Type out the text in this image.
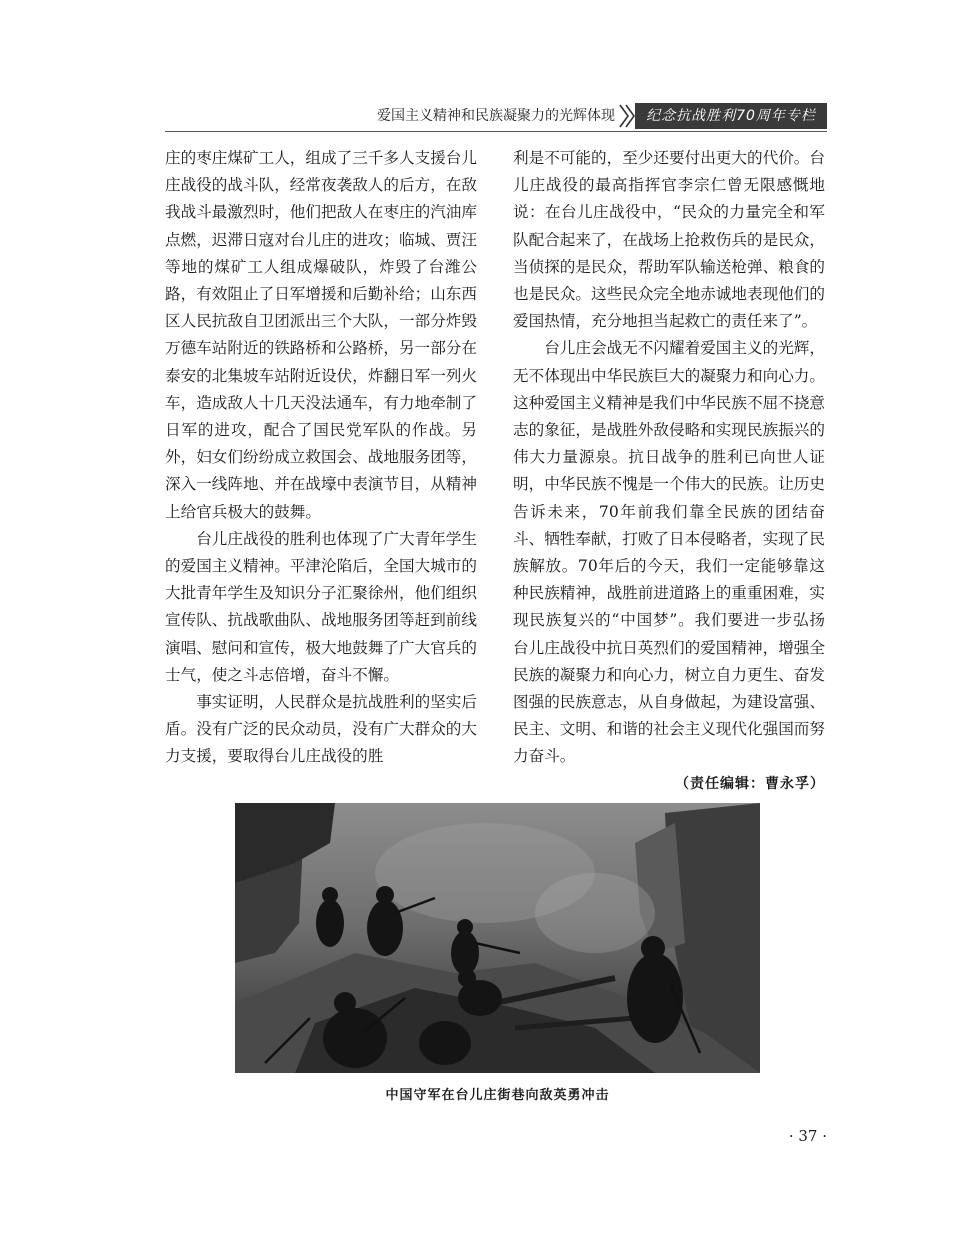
爱国主义精神和民族凝聚力的光辉体现	纪念抗战胜利70周年专栏

庄的枣庄煤矿工人，组成了三千多人支援台儿庄战役的战斗队，经常夜袭敌人的后方，在敌我战斗最激烈时，他们把敌人在枣庄的汽油库点燃，迟滞日寇对台儿庄的进攻；临城、贾汪等地的煤矿工人组成爆破队，炸毁了台潍公路，有效阻止了日军增援和后勤补给；山东西区人民抗敌自卫团派出三个大队，一部分炸毁万德车站附近的铁路桥和公路桥，另一部分在泰安的北集坡车站附近设伏，炸翻日军一列火车，造成敌人十几天没法通车，有力地牵制了日军的进攻，配合了国民党军队的作战。另外，妇女们纷纷成立救国会、战地服务团等，深入一线阵地、并在战壕中表演节目，从精神上给官兵极大的鼓舞。

台儿庄战役的胜利也体现了广大青年学生的爱国主义精神。平津沦陷后，全国大城市的大批青年学生及知识分子汇聚徐州，他们组织宣传队、抗战歌曲队、战地服务团等赶到前线演唱、慰问和宣传，极大地鼓舞了广大官兵的士气，使之斗志倍增，奋斗不懈。

事实证明，人民群众是抗战胜利的坚实后盾。没有广泛的民众动员，没有广大群众的大力支援，要取得台儿庄战役的胜

利是不可能的，至少还要付出更大的代价。台儿庄战役的最高指挥官李宗仁曾无限感慨地说：在台儿庄战役中，“民众的力量完全和军队配合起来了，在战场上抢救伤兵的是民众，当侦探的是民众，帮助军队输送枪弹、粮食的也是民众。这些民众完全地赤诚地表现他们的爱国热情，充分地担当起救亡的责任来了”。

台儿庄会战无不闪耀着爱国主义的光辉，无不体现出中华民族巨大的凝聚力和向心力。这种爱国主义精神是我们中华民族不屈不挠意志的象征，是战胜外敌侵略和实现民族振兴的伟大力量源泉。抗日战争的胜利已向世人证明，中华民族不愧是一个伟大的民族。让历史告诉未来，70年前我们靠全民族的团结奋斗、牺牲奉献，打败了日本侵略者，实现了民族解放。70年后的今天，我们一定能够靠这种民族精神，战胜前进道路上的重重困难，实现民族复兴的“中国梦”。我们要进一步弘扬台儿庄战役中抗日英烈们的爱国精神，增强全民族的凝聚力和向心力，树立自力更生、奋发图强的民族意志，从自身做起，为建设富强、民主、文明、和谐的社会主义现代化强国而努力奋斗。

（责任编辑：曹永孚）

中国守军在台儿庄街巷向敌英勇冲击
· 37 ·
